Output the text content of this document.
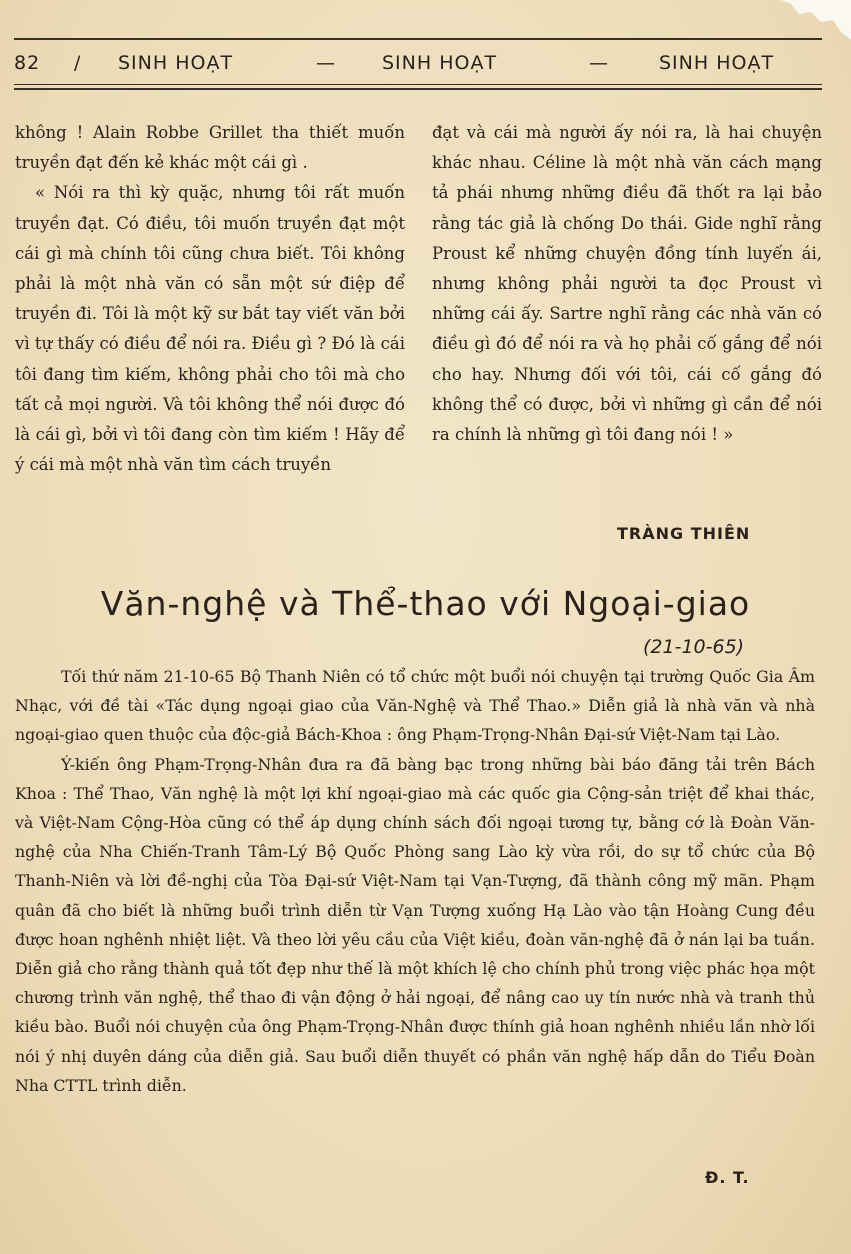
82 / SINH HOẠT	— SINH HOẠT	—	SINH HOẠT

không ! Alain Robbe Grillet tha thiết muốn truyền đạt đến kẻ khác một cái gì .

« Nói ra thì kỳ quặc, nhưng tôi rất muốn truyền đạt. Có điều, tôi muốn truyền đạt một cái gì mà chính tôi cũng chưa biết. Tôi không phải là một nhà văn có sẵn một sứ điệp để truyền đi. Tôi là một kỹ sư bắt tay viết văn bởi vì tự thấy có điều để nói ra. Điều gì ? Đó là cái tôi đang tìm kiếm, không phải cho tôi mà cho tất cả mọi người. Và tôi không thể nói được đó là cái gì, bởi vì tôi đang còn tìm kiếm ! Hãy để ý cái mà một nhà văn tìm cách truyền

đạt và cái mà người ấy nói ra, là hai chuyện khác nhau. Céline là một nhà văn cách mạng tả phái nhưng những điều đã thốt ra lại bảo rằng tác giả là chống Do thái. Gide nghĩ rằng Proust kể những chuyện đồng tính luyến ái, nhưng không phải người ta đọc Proust vì những cái ấy. Sartre nghĩ rằng các nhà văn có điều gì đó để nói ra và họ phải cố gắng để nói cho hay. Nhưng đối với tôi, cái cố gắng đó không thể có được, bởi vì những gì cần để nói ra chính là những gì tôi đang nói ! »

TRÀNG THIÊN
Văn-nghệ và Thể-thao với Ngoại-giao
(21-10-65)

Tối thứ năm 21-10-65 Bộ Thanh Niên có tổ chức một buổi nói chuyện tại trường Quốc Gia Âm Nhạc, với đề tài «Tác dụng ngoại giao của Văn-Nghệ và Thể Thao.» Diễn giả là nhà văn và nhà ngoại-giao quen thuộc của độc-giả Bách-Khoa : ông Phạm-Trọng-Nhân Đại-sứ Việt-Nam tại Lào.

Ý-kiến ông Phạm-Trọng-Nhân đưa ra đã bàng bạc trong những bài báo đăng tải trên Bách Khoa : Thể Thao, Văn nghệ là một lợi khí ngoại-giao mà các quốc gia Cộng-sản triệt để khai thác, và Việt-Nam Cộng-Hòa cũng có thể áp dụng chính sách đối ngoại tương tự, bằng cớ là Đoàn Văn-nghệ của Nha Chiến-Tranh Tâm-Lý Bộ Quốc Phòng sang Lào kỳ vừa rồi, do sự tổ chức của Bộ Thanh-Niên và lời đề-nghị của Tòa Đại-sứ Việt-Nam tại Vạn-Tượng, đã thành công mỹ mãn. Phạm quân đã cho biết là những buổi trình diễn từ Vạn Tượng xuống Hạ Lào vào tận Hoàng Cung đều được hoan nghênh nhiệt liệt. Và theo lời yêu cầu của Việt kiều, đoàn văn-nghệ đã ở nán lại ba tuần. Diễn giả cho rằng thành quả tốt đẹp như thế là một khích lệ cho chính phủ trong việc phác họa một chương trình văn nghệ, thể thao đi vận động ở hải ngoại, để nâng cao uy tín nước nhà và tranh thủ kiều bào. Buổi nói chuyện của ông Phạm-Trọng-Nhân được thính giả hoan nghênh nhiều lần nhờ lối nói ý nhị duyên dáng của diễn giả. Sau buổi diễn thuyết có phần văn nghệ hấp dẫn do Tiểu Đoàn Nha CTTL trình diễn.

Đ. T.
